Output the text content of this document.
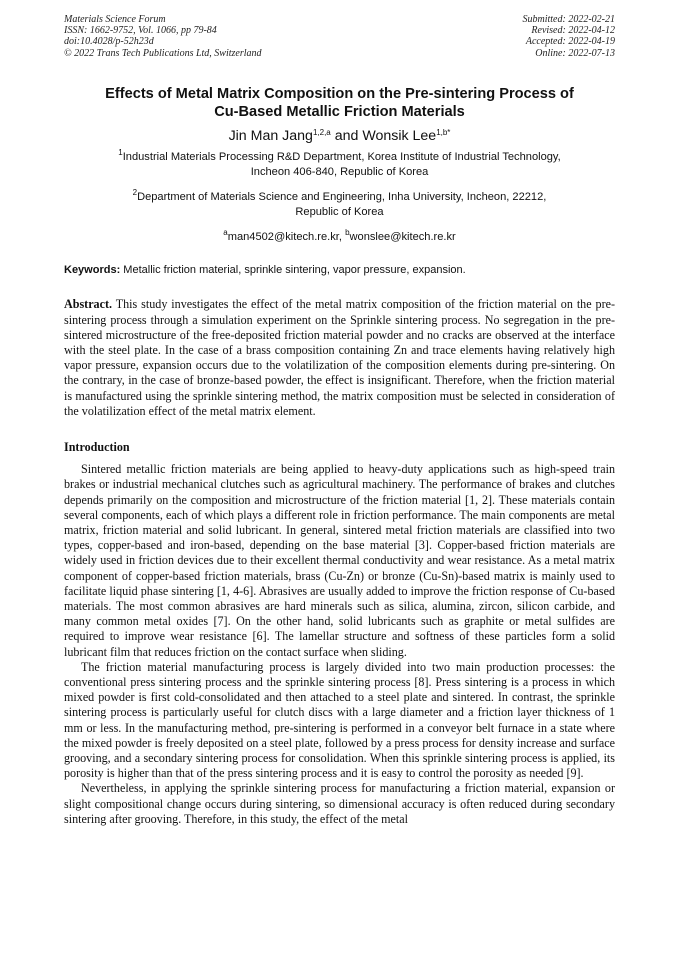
Materials Science Forum
ISSN: 1662-9752, Vol. 1066, pp 79-84
doi:10.4028/p-52h23d
© 2022 Trans Tech Publications Ltd, Switzerland
Submitted: 2022-02-21
Revised: 2022-04-12
Accepted: 2022-04-19
Online: 2022-07-13
Effects of Metal Matrix Composition on the Pre-sintering Process of
Cu-Based Metallic Friction Materials
Jin Man Jang$^{1,2,a}$ and Wonsik Lee$^{1,b*}$
$^1$Industrial Materials Processing R&D Department, Korea Institute of Industrial Technology,
Incheon 406-840, Republic of Korea
$^2$Department of Materials Science and Engineering, Inha University, Incheon, 22212,
Republic of Korea
$^a$man4502@kitech.re.kr, $^b$wonslee@kitech.re.kr
Keywords: Metallic friction material, sprinkle sintering, vapor pressure, expansion.
Abstract. This study investigates the effect of the metal matrix composition of the friction material on the pre-sintering process through a simulation experiment on the Sprinkle sintering process. No segregation in the pre-sintered microstructure of the free-deposited friction material powder and no cracks are observed at the interface with the steel plate. In the case of a brass composition containing Zn and trace elements having relatively high vapor pressure, expansion occurs due to the volatilization of the composition elements during pre-sintering. On the contrary, in the case of bronze-based powder, the effect is insignificant. Therefore, when the friction material is manufactured using the sprinkle sintering method, the matrix composition must be selected in consideration of the volatilization effect of the metal matrix element.
Introduction
Sintered metallic friction materials are being applied to heavy-duty applications such as high-speed train brakes or industrial mechanical clutches such as agricultural machinery. The performance of brakes and clutches depends primarily on the composition and microstructure of the friction material [1, 2]. These materials contain several components, each of which plays a different role in friction performance. The main components are metal matrix, friction material and solid lubricant. In general, sintered metal friction materials are classified into two types, copper-based and iron-based, depending on the base material [3]. Copper-based friction materials are widely used in friction devices due to their excellent thermal conductivity and wear resistance. As a metal matrix component of copper-based friction materials, brass (Cu-Zn) or bronze (Cu-Sn)-based matrix is mainly used to facilitate liquid phase sintering [1, 4-6]. Abrasives are usually added to improve the friction response of Cu-based materials. The most common abrasives are hard minerals such as silica, alumina, zircon, silicon carbide, and many common metal oxides [7]. On the other hand, solid lubricants such as graphite or metal sulfides are required to improve wear resistance [6]. The lamellar structure and softness of these particles form a solid lubricant film that reduces friction on the contact surface when sliding.
The friction material manufacturing process is largely divided into two main production processes: the conventional press sintering process and the sprinkle sintering process [8]. Press sintering is a process in which mixed powder is first cold-consolidated and then attached to a steel plate and sintered. In contrast, the sprinkle sintering process is particularly useful for clutch discs with a large diameter and a friction layer thickness of 1 mm or less. In the manufacturing method, pre-sintering is performed in a conveyor belt furnace in a state where the mixed powder is freely deposited on a steel plate, followed by a press process for density increase and surface grooving, and a secondary sintering process for consolidation. When this sprinkle sintering process is applied, its porosity is higher than that of the press sintering process and it is easy to control the porosity as needed [9].
Nevertheless, in applying the sprinkle sintering process for manufacturing a friction material, expansion or slight compositional change occurs during sintering, so dimensional accuracy is often reduced during secondary sintering after grooving. Therefore, in this study, the effect of the metal
